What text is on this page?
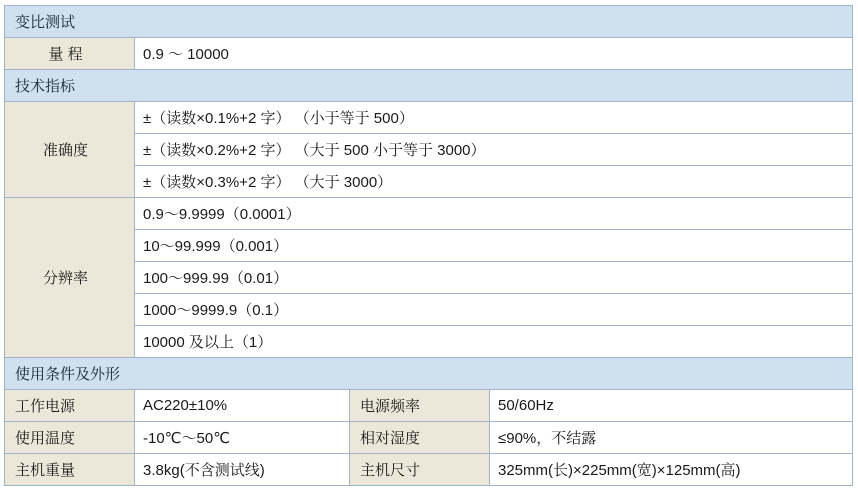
变比测试			
量 程	0.9 ～ 10000		
技术指标			
准确度	±（读数×0.1%+2 字） （小于等于 500）		
	±（读数×0.2%+2 字） （大于 500 小于等于 3000）		
	±（读数×0.3%+2 字） （大于 3000）		
分辨率	0.9～9.9999（0.0001）		
	10～99.999（0.001）		
	100～999.99（0.01）		
	1000～9999.9（0.1）		
	10000 及以上（1）		
使用条件及外形			
工作电源	AC220±10%	电源频率	50/60Hz
使用温度	-10℃～50℃	相对湿度	≤90%，不结露
主机重量	3.8kg(不含测试线)	主机尺寸	325mm(长)×225mm(宽)×125mm(高)
